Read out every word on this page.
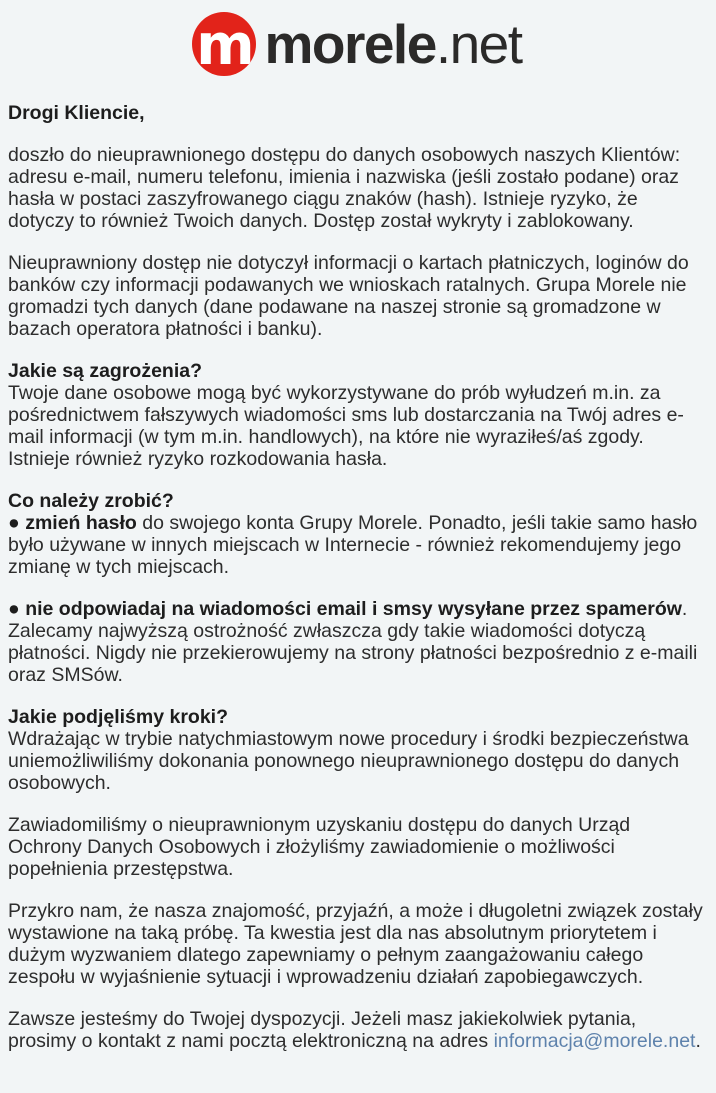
m morele.net

Drogi Kliencie,

doszło do nieuprawnionego dostępu do danych osobowych naszych Klientów: adresu e-mail, numeru telefonu, imienia i nazwiska (jeśli zostało podane) oraz hasła w postaci zaszyfrowanego ciągu znaków (hash). Istnieje ryzyko, że dotyczy to również Twoich danych. Dostęp został wykryty i zablokowany.

Nieuprawniony dostęp nie dotyczył informacji o kartach płatniczych, loginów do banków czy informacji podawanych we wnioskach ratalnych. Grupa Morele nie gromadzi tych danych (dane podawane na naszej stronie są gromadzone w bazach operatora płatności i banku).

Jakie są zagrożenia?
Twoje dane osobowe mogą być wykorzystywane do prób wyłudzeń m.in. za pośrednictwem fałszywych wiadomości sms lub dostarczania na Twój adres e-mail informacji (w tym m.in. handlowych), na które nie wyraziłeś/aś zgody. Istnieje również ryzyko rozkodowania hasła.

Co należy zrobić?
● zmień hasło do swojego konta Grupy Morele. Ponadto, jeśli takie samo hasło było używane w innych miejscach w Internecie - również rekomendujemy jego zmianę w tych miejscach.

● nie odpowiadaj na wiadomości email i smsy wysyłane przez spamerów. Zalecamy najwyższą ostrożność zwłaszcza gdy takie wiadomości dotyczą płatności. Nigdy nie przekierowujemy na strony płatności bezpośrednio z e-maili oraz SMSów.

Jakie podjęliśmy kroki?
Wdrażając w trybie natychmiastowym nowe procedury i środki bezpieczeństwa uniemożliwiliśmy dokonania ponownego nieuprawnionego dostępu do danych osobowych.

Zawiadomiliśmy o nieuprawnionym uzyskaniu dostępu do danych Urząd Ochrony Danych Osobowych i złożyliśmy zawiadomienie o możliwości popełnienia przestępstwa.

Przykro nam, że nasza znajomość, przyjaźń, a może i długoletni związek zostały wystawione na taką próbę. Ta kwestia jest dla nas absolutnym priorytetem i dużym wyzwaniem dlatego zapewniamy o pełnym zaangażowaniu całego zespołu w wyjaśnienie sytuacji i wprowadzeniu działań zapobiegawczych.

Zawsze jesteśmy do Twojej dyspozycji. Jeżeli masz jakiekolwiek pytania, prosimy o kontakt z nami pocztą elektroniczną na adres informacja@morele.net.
